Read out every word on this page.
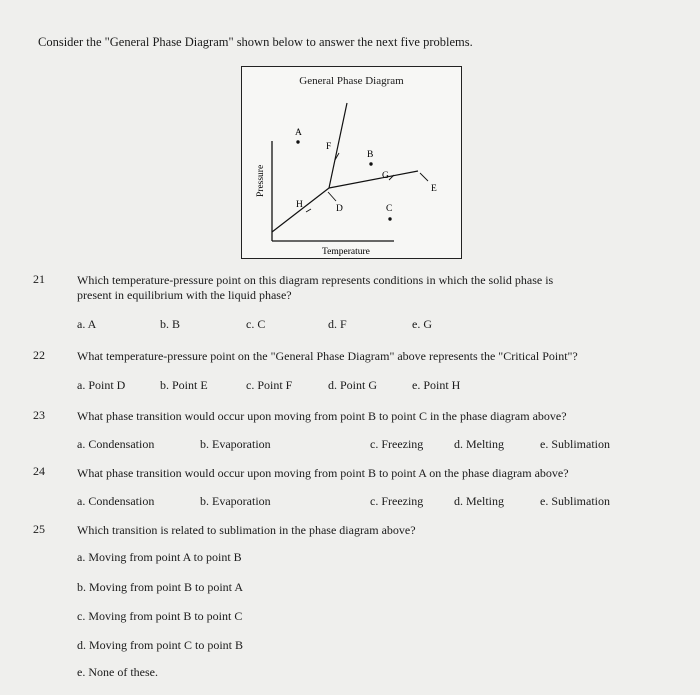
Consider the "General Phase Diagram" shown below to answer the next five problems.
General Phase Diagram
A
F
B
G
E
H	D	C
Pressure
Temperature
21	Which temperature-pressure point on this diagram represents conditions in which the solid phase is
present in equilibrium with the liquid phase?
a. A	b. B	c. C	d. F	e. G
22	What temperature-pressure point on the "General Phase Diagram" above represents the "Critical Point"?
a. Point D	b. Point E	c. Point F	d. Point G	e. Point H
23	What phase transition would occur upon moving from point B to point C in the phase diagram above?
a. Condensation	b. Evaporation	c. Freezing	d. Melting	e. Sublimation
24	What phase transition would occur upon moving from point B to point A on the phase diagram above?
a. Condensation	b. Evaporation	c. Freezing	d. Melting	e. Sublimation
25	Which transition is related to sublimation in the phase diagram above?
a. Moving from point A to point B
b. Moving from point B to point A
c. Moving from point B to point C
d. Moving from point C to point B
e. None of these.
